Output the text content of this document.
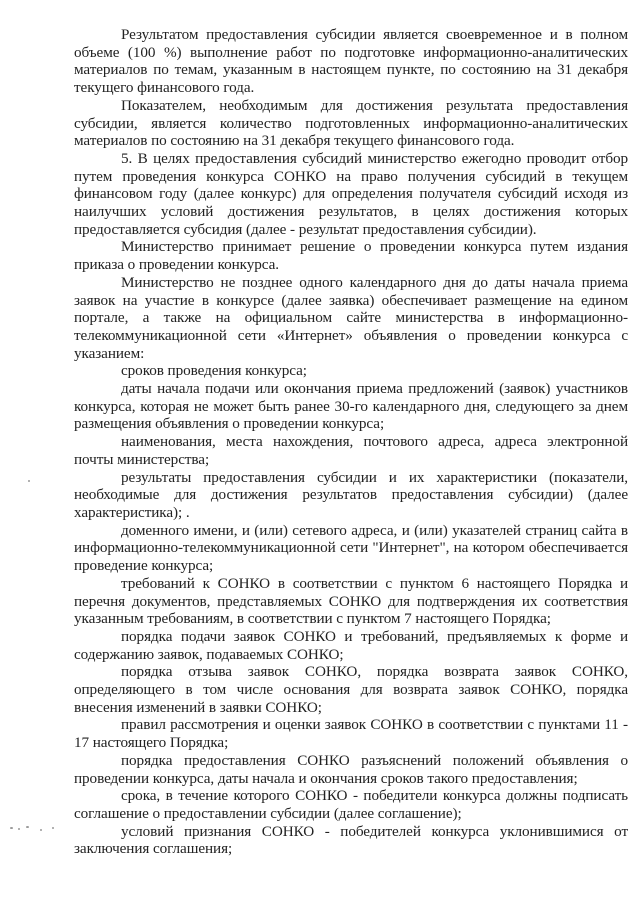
Результатом предоставления субсидии является своевременное и в полном объеме (100 %) выполнение работ по подготовке информационно-аналитических материалов по темам, указанным в настоящем пункте, по состоянию на 31 декабря текущего финансового года.

Показателем, необходимым для достижения результата предоставления субсидии, является количество подготовленных информационно-аналитических материалов по состоянию на 31 декабря текущего финансового года.

5. В целях предоставления субсидий министерство ежегодно проводит отбор путем проведения конкурса СОНКО на право получения субсидий в текущем финансовом году (далее конкурс) для определения получателя субсидий исходя из наилучших условий достижения результатов, в целях достижения которых предоставляется субсидия (далее - результат предоставления субсидии).

Министерство принимает решение о проведении конкурса путем издания приказа о проведении конкурса.

Министерство не позднее одного календарного дня до даты начала приема заявок на участие в конкурсе (далее заявка) обеспечивает размещение на едином портале, а также на официальном сайте министерства в информационно-телекоммуникационной сети «Интернет» объявления о проведении конкурса с указанием:

сроков проведения конкурса;

даты начала подачи или окончания приема предложений (заявок) участников конкурса, которая не может быть ранее 30-го календарного дня, следующего за днем размещения объявления о проведении конкурса;

наименования, места нахождения, почтового адреса, адреса электронной почты министерства;

результаты предоставления субсидии и их характеристики (показатели, необходимые для достижения результатов предоставления субсидии) (далее характеристика); .

доменного имени, и (или) сетевого адреса, и (или) указателей страниц сайта в информационно-телекоммуникационной сети "Интернет", на котором обеспечивается проведение конкурса;

требований к СОНКО в соответствии с пунктом 6 настоящего Порядка и перечня документов, представляемых СОНКО для подтверждения их соответствия указанным требованиям, в соответствии с пунктом 7 настоящего Порядка;

порядка подачи заявок СОНКО и требований, предъявляемых к форме и содержанию заявок, подаваемых СОНКО;

порядка отзыва заявок СОНКО, порядка возврата заявок СОНКО, определяющего в том числе основания для возврата заявок СОНКО, порядка внесения изменений в заявки СОНКО;

правил рассмотрения и оценки заявок СОНКО в соответствии с пунктами 11 - 17 настоящего Порядка;

порядка предоставления СОНКО разъяснений положений объявления о проведении конкурса, даты начала и окончания сроков такого предоставления;

срока, в течение которого СОНКО - победители конкурса должны подписать соглашение о предоставлении субсидии (далее соглашение);

условий признания СОНКО - победителей конкурса уклонившимися от заключения соглашения;
